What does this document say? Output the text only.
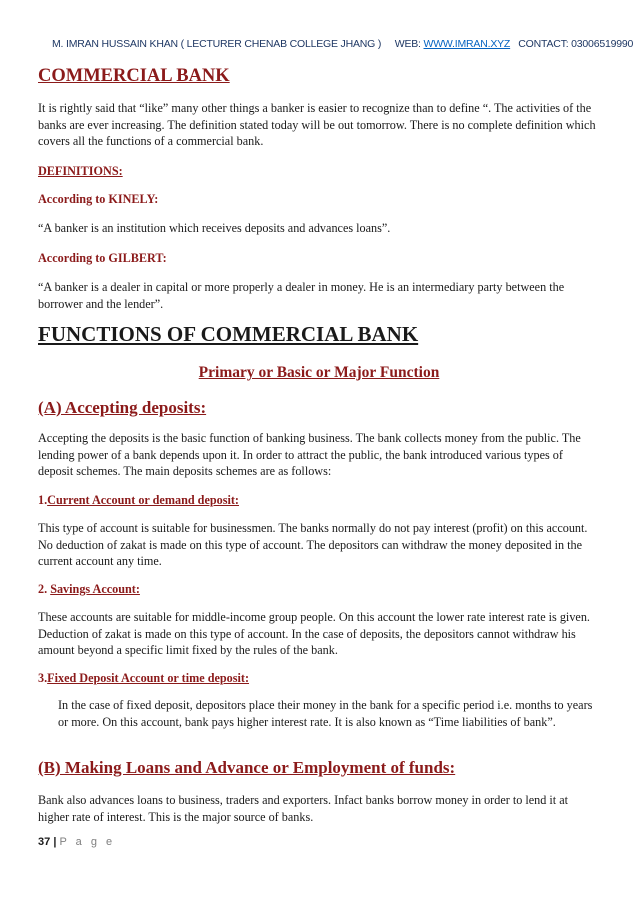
M. IMRAN HUSSAIN KHAN ( LECTURER CHENAB COLLEGE JHANG ) WEB: WWW.IMRAN.XYZ CONTACT: 03006519990
COMMERCIAL BANK

It is rightly said that “like” many other things a banker is easier to recognize than to define “. The activities of the banks are ever increasing. The definition stated today will be out tomorrow. There is no complete definition which covers all the functions of a commercial bank.

DEFINITIONS:
According to KINELY:

“A banker is an institution which receives deposits and advances loans”.

According to GILBERT:

“A banker is a dealer in capital or more properly a dealer in money. He is an intermediary party between the borrower and the lender”.

FUNCTIONS OF COMMERCIAL BANK
Primary or Basic or Major Function
(A) Accepting deposits:

Accepting the deposits is the basic function of banking business. The bank collects money from the public. The lending power of a bank depends upon it. In order to attract the public, the bank introduced various types of deposit schemes. The main deposits schemes are as follows:

1.Current Account or demand deposit:

This type of account is suitable for businessmen. The banks normally do not pay interest (profit) on this account. No deduction of zakat is made on this type of account. The depositors can withdraw the money deposited in the current account any time.

2. Savings Account:

These accounts are suitable for middle-income group people. On this account the lower rate interest rate is given. Deduction of zakat is made on this type of account. In the case of deposits, the depositors cannot withdraw his amount beyond a specific limit fixed by the rules of the bank.

3.Fixed Deposit Account or time deposit:

In the case of fixed deposit, depositors place their money in the bank for a specific period i.e. months to years or more. On this account, bank pays higher interest rate. It is also known as “Time liabilities of bank”.

(B) Making Loans and Advance or Employment of funds:

Bank also advances loans to business, traders and exporters. Infact banks borrow money in order to lend it at higher rate of interest. This is the major source of banks.

37 | P a g e
